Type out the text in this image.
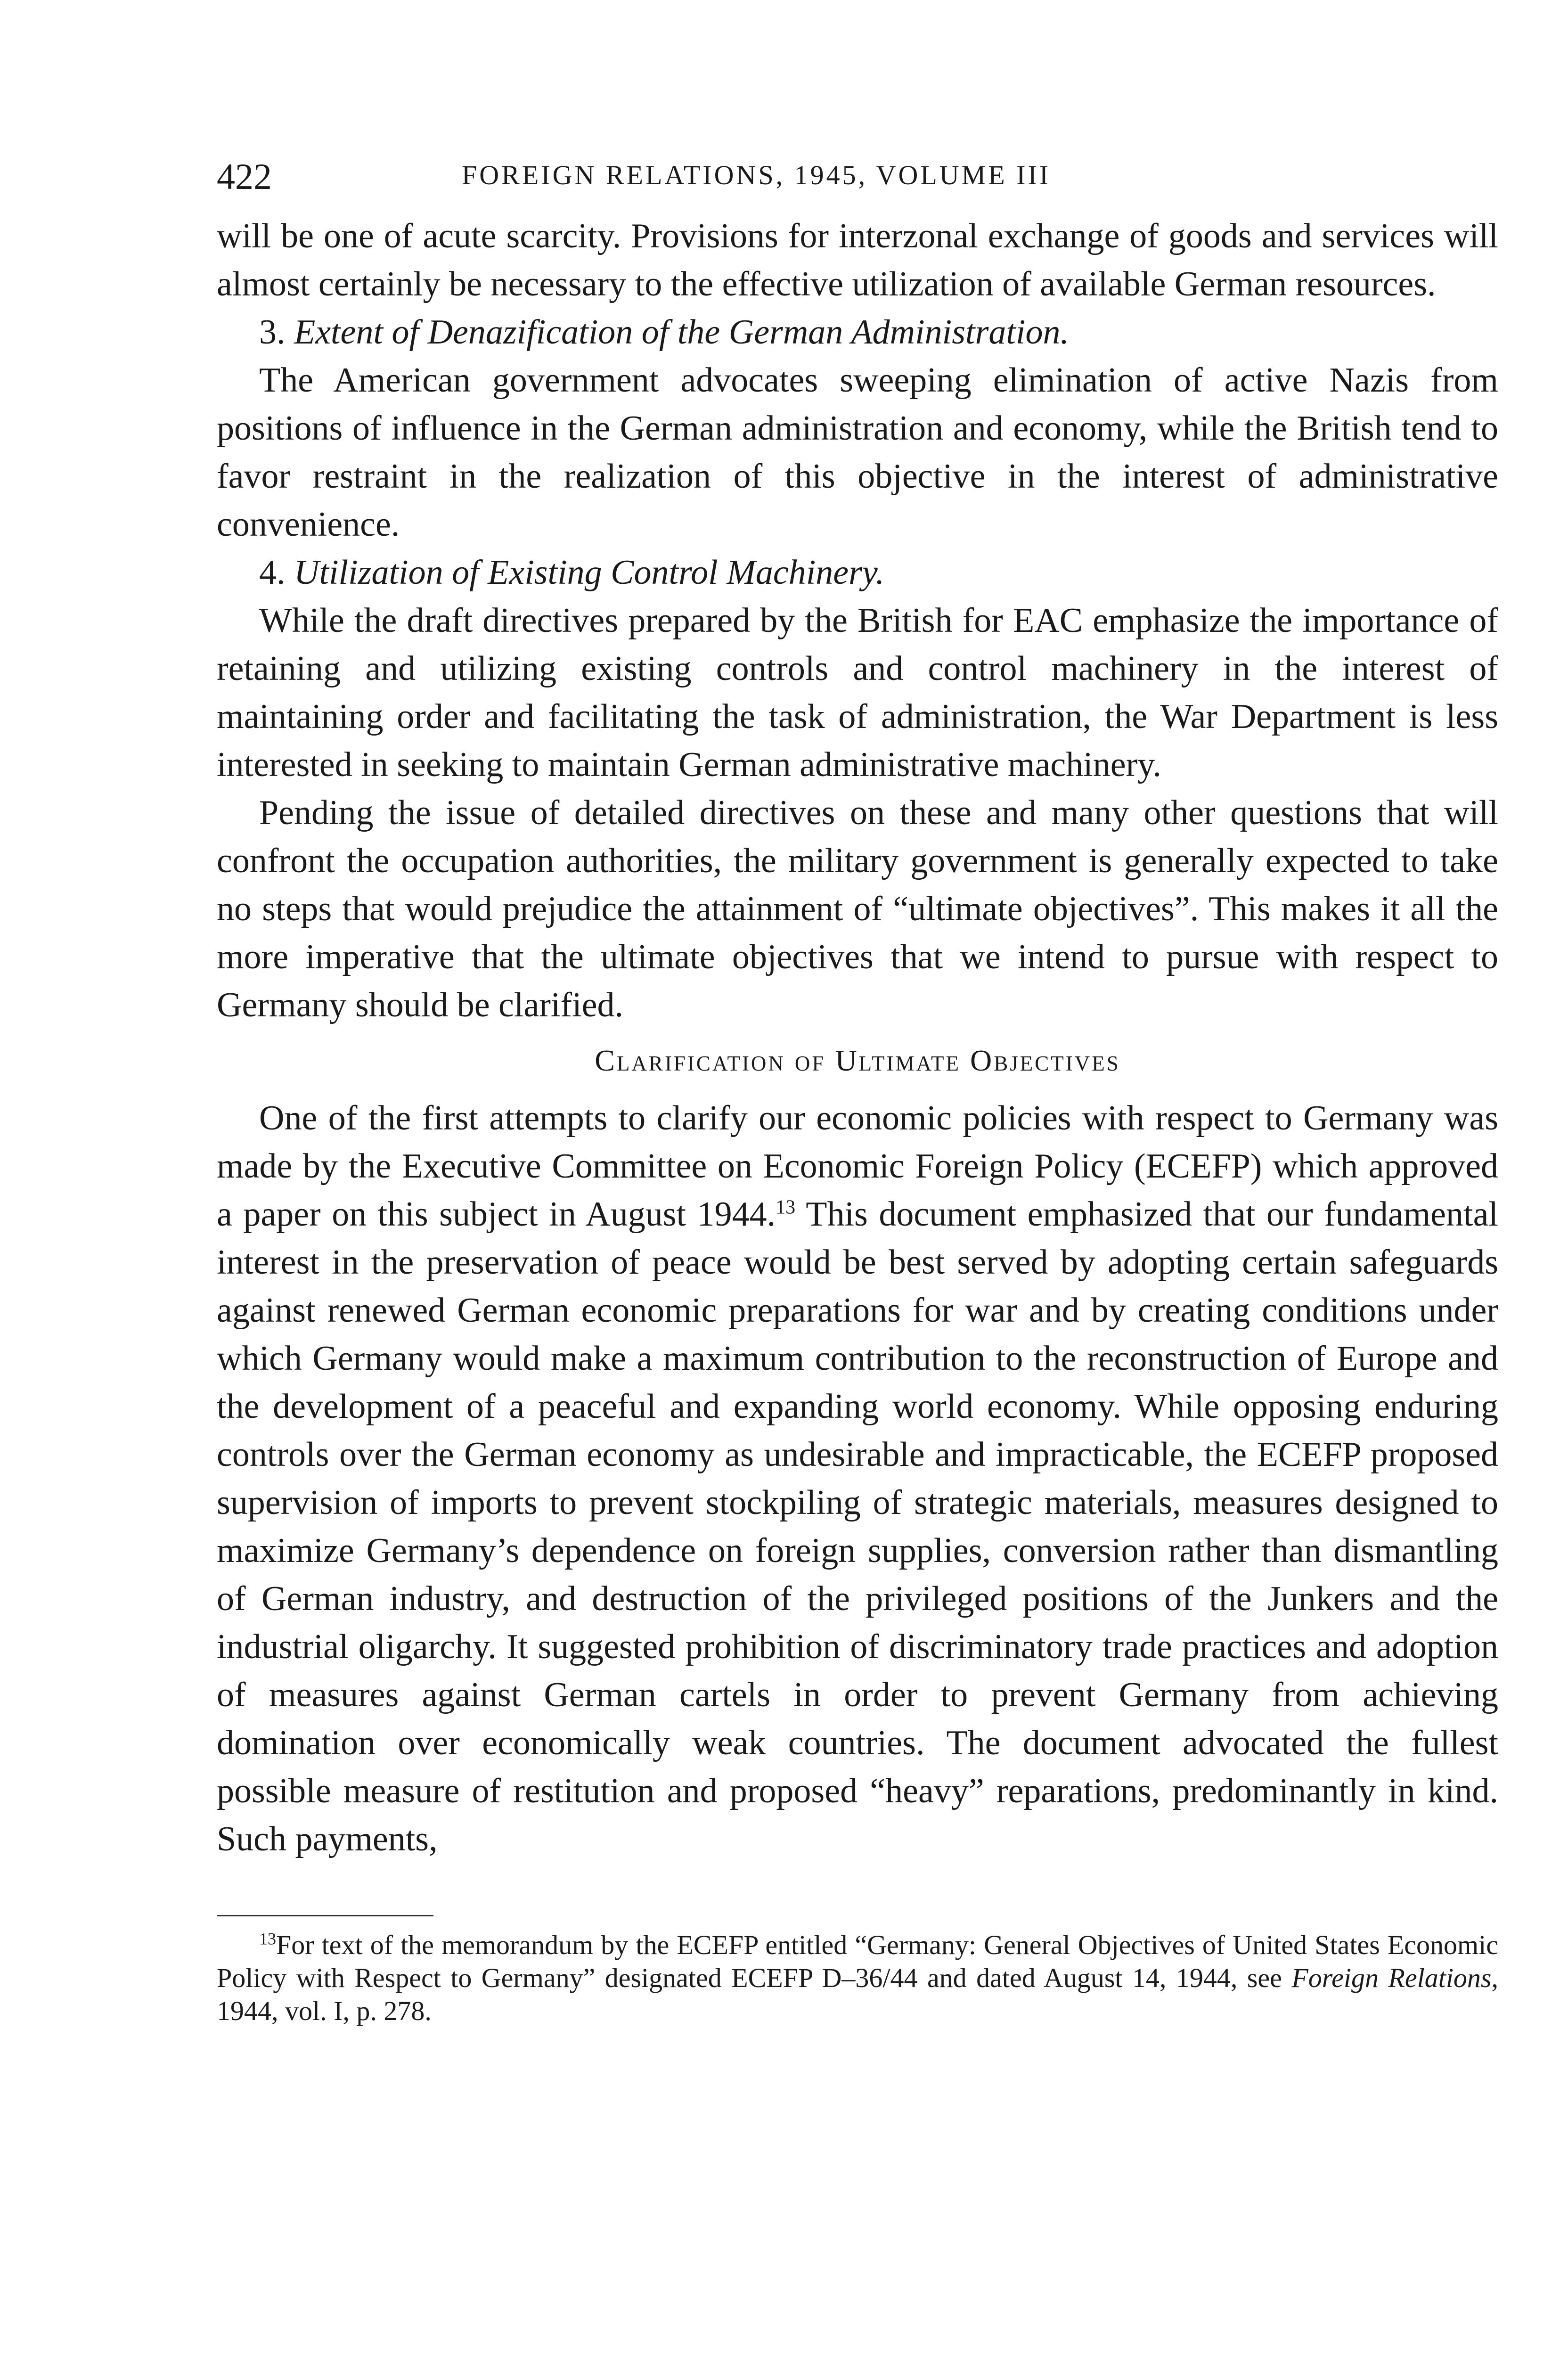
422	FOREIGN RELATIONS, 1945, VOLUME III

will be one of acute scarcity. Provisions for interzonal exchange of goods and services will almost certainly be necessary to the effective utilization of available German resources.

3. Extent of Denazification of the German Administration.

The American government advocates sweeping elimination of active Nazis from positions of influence in the German administration and economy, while the British tend to favor restraint in the realization of this objective in the interest of administrative convenience.

4. Utilization of Existing Control Machinery.

While the draft directives prepared by the British for EAC emphasize the importance of retaining and utilizing existing controls and control machinery in the interest of maintaining order and facilitating the task of administration, the War Department is less interested in seeking to maintain German administrative machinery.

Pending the issue of detailed directives on these and many other questions that will confront the occupation authorities, the military government is generally expected to take no steps that would prejudice the attainment of “ultimate objectives”. This makes it all the more imperative that the ultimate objectives that we intend to pursue with respect to Germany should be clarified.

Clarification of Ultimate Objectives

One of the first attempts to clarify our economic policies with respect to Germany was made by the Executive Committee on Economic Foreign Policy (ECEFP) which approved a paper on this subject in August 1944.13 This document emphasized that our fundamental interest in the preservation of peace would be best served by adopting certain safeguards against renewed German economic preparations for war and by creating conditions under which Germany would make a maximum contribution to the reconstruction of Europe and the development of a peaceful and expanding world economy. While opposing enduring controls over the German economy as undesirable and impracticable, the ECEFP proposed supervision of imports to prevent stockpiling of strategic materials, measures designed to maximize Germany’s dependence on foreign supplies, conversion rather than dismantling of German industry, and destruction of the privileged positions of the Junkers and the industrial oligarchy. It suggested prohibition of discriminatory trade practices and adoption of measures against German cartels in order to prevent Germany from achieving domination over economically weak countries. The document advocated the fullest possible measure of restitution and proposed “heavy” reparations, predominantly in kind. Such payments,

$^{13}$For text of the memorandum by the ECEFP entitled “Germany: General Objectives of United States Economic Policy with Respect to Germany” designated ECEFP D–36/44 and dated August 14, 1944, see Foreign Relations, 1944, vol. I, p. 278.
